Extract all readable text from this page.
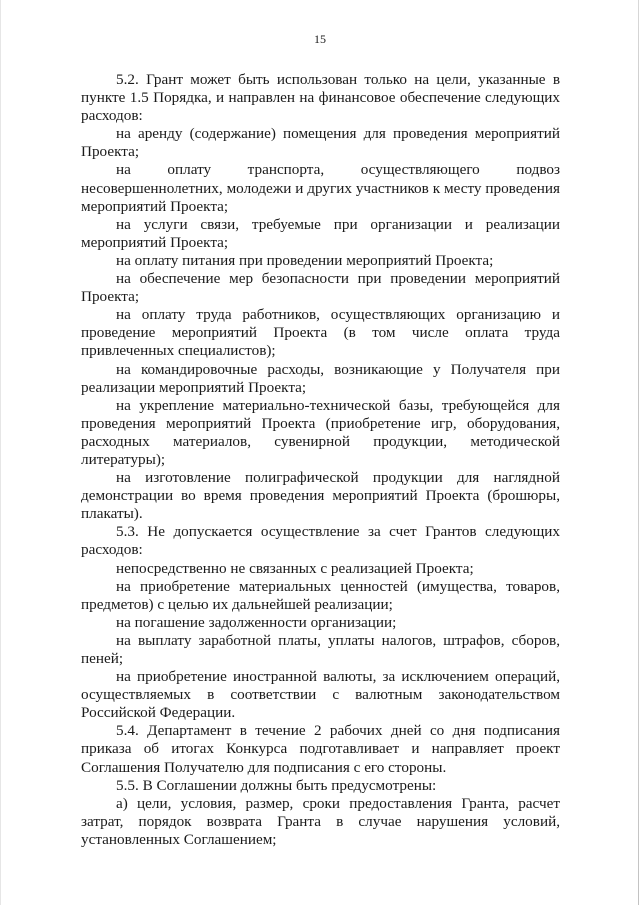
15

5.2. Грант может быть использован только на цели, указанные в пункте 1.5 Порядка, и направлен на финансовое обеспечение следующих расходов:

на аренду (содержание) помещения для проведения мероприятий Проекта;

на оплату транспорта, осуществляющего подвоз несовершеннолетних, молодежи и других участников к месту проведения мероприятий Проекта;

на услуги связи, требуемые при организации и реализации мероприятий Проекта;

на оплату питания при проведении мероприятий Проекта;

на обеспечение мер безопасности при проведении мероприятий Проекта;

на оплату труда работников, осуществляющих организацию и проведение мероприятий Проекта (в том числе оплата труда привлеченных специалистов);

на командировочные расходы, возникающие у Получателя при реализации мероприятий Проекта;

на укрепление материально-технической базы, требующейся для проведения мероприятий Проекта (приобретение игр, оборудования, расходных материалов, сувенирной продукции, методической литературы);

на изготовление полиграфической продукции для наглядной демонстрации во время проведения мероприятий Проекта (брошюры, плакаты).

5.3. Не допускается осуществление за счет Грантов следующих расходов:

непосредственно не связанных с реализацией Проекта;

на приобретение материальных ценностей (имущества, товаров, предметов) с целью их дальнейшей реализации;

на погашение задолженности организации;

на выплату заработной платы, уплаты налогов, штрафов, сборов, пеней;

на приобретение иностранной валюты, за исключением операций, осуществляемых в соответствии с валютным законодательством Российской Федерации.

5.4. Департамент в течение 2 рабочих дней со дня подписания приказа об итогах Конкурса подготавливает и направляет проект Соглашения Получателю для подписания с его стороны.

5.5. В Соглашении должны быть предусмотрены:

а) цели, условия, размер, сроки предоставления Гранта, расчет затрат, порядок возврата Гранта в случае нарушения условий, установленных Соглашением;
